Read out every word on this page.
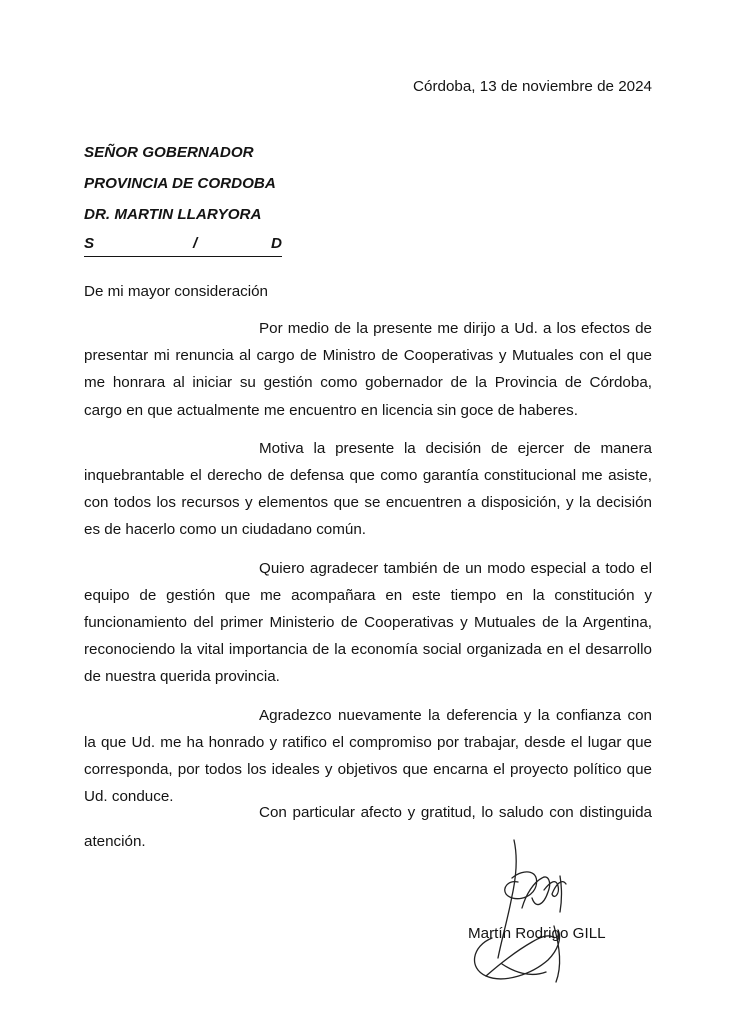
Córdoba, 13 de noviembre de 2024
SEÑOR GOBERNADOR
PROVINCIA DE CORDOBA
DR. MARTIN LLARYORA
S	/	D
De mi mayor consideración

Por medio de la presente me dirijo a Ud. a los efectos de presentar mi renuncia al cargo de Ministro de Cooperativas y Mutuales con el que me honrara al iniciar su gestión como gobernador de la Provincia de Córdoba, cargo en que actualmente me encuentro en licencia sin goce de haberes.

Motiva la presente la decisión de ejercer de manera inquebrantable el derecho de defensa que como garantía constitucional me asiste, con todos los recursos y elementos que se encuentren a disposición, y la decisión es de hacerlo como un ciudadano común.

Quiero agradecer también de un modo especial a todo el equipo de gestión que me acompañara en este tiempo en la constitución y funcionamiento del primer Ministerio de Cooperativas y Mutuales de la Argentina, reconociendo la vital importancia de la economía social organizada en el desarrollo de nuestra querida provincia.

Agradezco nuevamente la deferencia y la confianza con la que Ud. me ha honrado y ratifico el compromiso por trabajar, desde el lugar que corresponda, por todos los ideales y objetivos que encarna el proyecto político que Ud. conduce.

Con particular afecto y gratitud, lo saludo con distinguida atención.

Martín Rodrigo GILL
